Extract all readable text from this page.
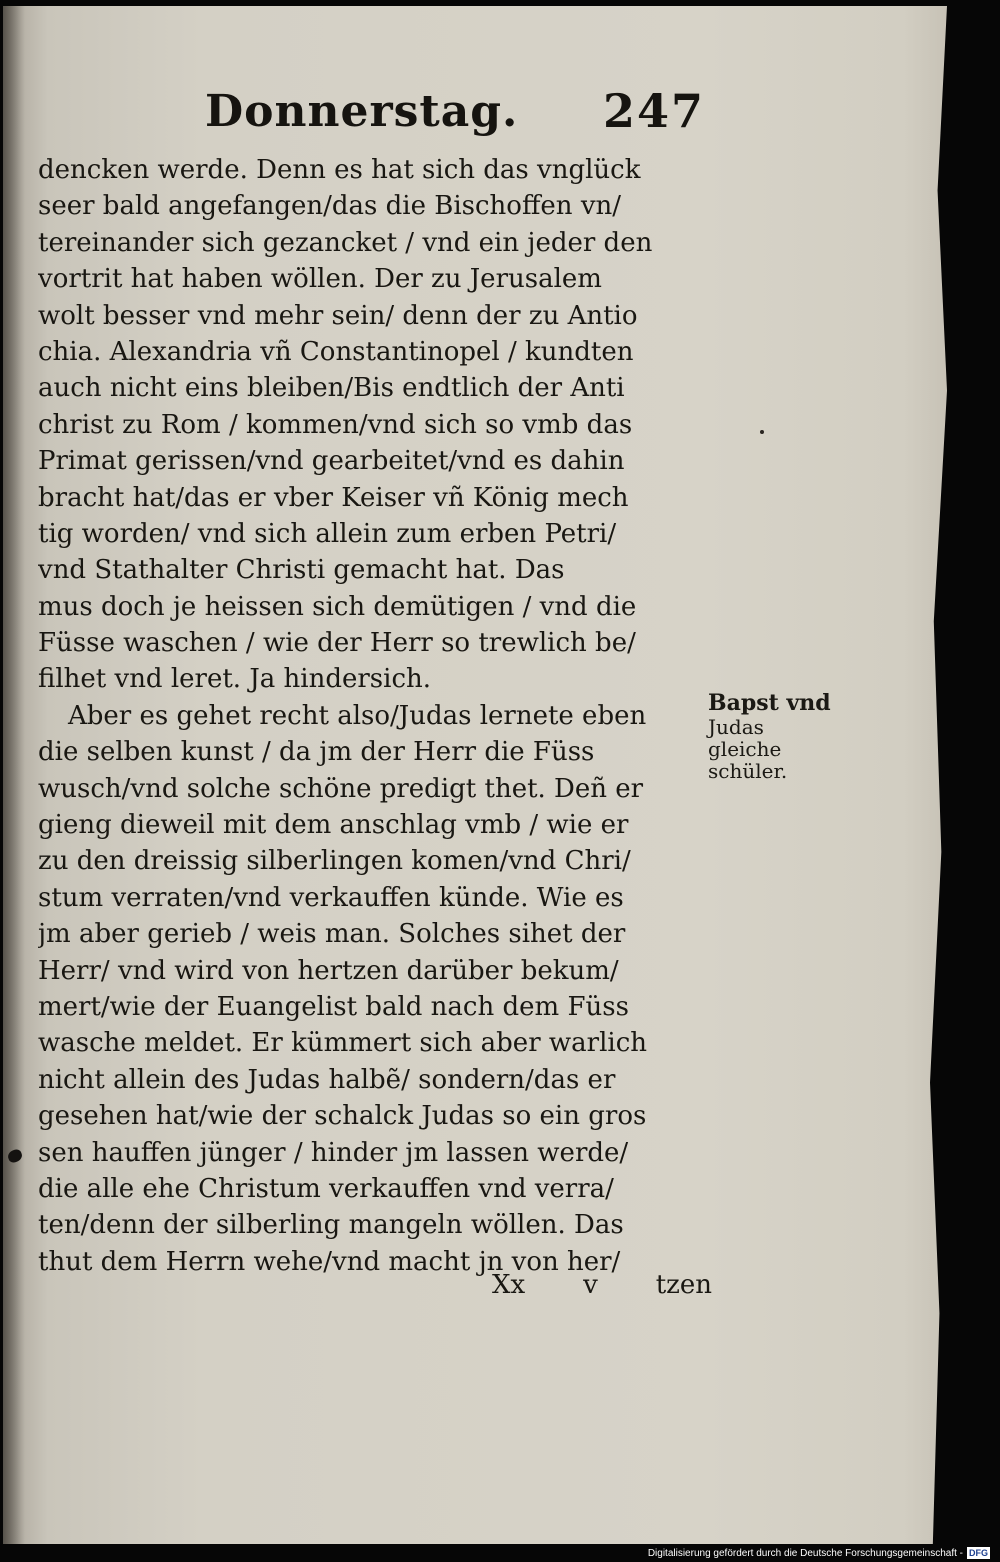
Donnerstag. 247
dencken werde. Denn es hat sich das vnglück
seer bald angefangen/das die Bischoffen vn/
tereinander sich gezancket / vnd ein jeder den
vortrit hat haben wöllen. Der zu Jerusalem
wolt besser vnd mehr sein/ denn der zu Antio
chia. Alexandria vñ Constantinopel / kundten
auch nicht eins bleiben/Bis endtlich der Anti
christ zu Rom / kommen/vnd sich so vmb das
Primat gerissen/vnd gearbeitet/vnd es dahin
bracht hat/das er vber Keiser vñ König mech
tig worden/ vnd sich allein zum erben Petri/
vnd Stathalter Christi gemacht hat. Das
mus doch je heissen sich demütigen / vnd die
Füsse waschen / wie der Herr so trewlich be/
filhet vnd leret. Ja hindersich.
Aber es gehet recht also/Judas lernete eben
die selben kunst / da jm der Herr die Füss
wusch/vnd solche schöne predigt thet. Deñ er
gieng dieweil mit dem anschlag vmb / wie er
zu den dreissig silberlingen komen/vnd Chri/
stum verraten/vnd verkauffen künde. Wie es
jm aber gerieb / weis man. Solches sihet der
Herr/ vnd wird von hertzen darüber bekum/
mert/wie der Euangelist bald nach dem Füss
wasche meldet. Er kümmert sich aber warlich
nicht allein des Judas halbẽ/ sondern/das er
gesehen hat/wie der schalck Judas so ein gros
sen hauffen jünger / hinder jm lassen werde/
die alle ehe Christum verkauffen vnd verra/
ten/denn der silberling mangeln wöllen. Das
thut dem Herrn wehe/vnd macht jn von her/
Bapst vnd
Judas
gleiche
schüler.
Xx v tzen
Digitalisierung gefördert durch die Deutsche Forschungsgemeinschaft - DFG
